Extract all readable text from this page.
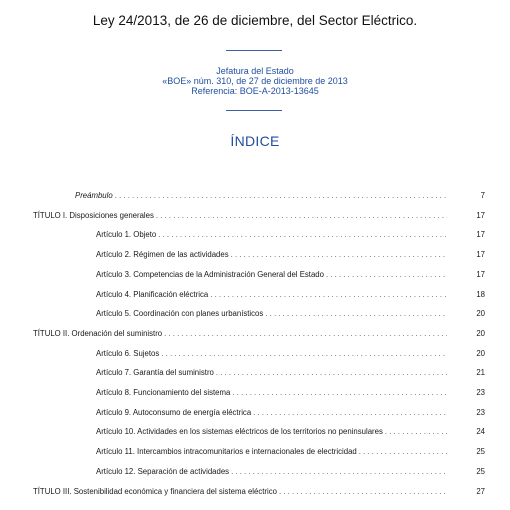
Ley 24/2013, de 26 de diciembre, del Sector Eléctrico.
Jefatura del Estado
«BOE» núm. 310, de 27 de diciembre de 2013
Referencia: BOE-A-2013-13645
ÍNDICE
Preámbulo . . .	7
TÍTULO I. Disposiciones generales . . .	17
Artículo 1. Objeto . . .	17
Artículo 2. Régimen de las actividades . . .	17
Artículo 3. Competencias de la Administración General del Estado . . .	17
Artículo 4. Planificación eléctrica . . .	18
Artículo 5. Coordinación con planes urbanísticos . . .	20
TÍTULO II. Ordenación del suministro . . .	20
Artículo 6. Sujetos . . .	20
Artículo 7. Garantía del suministro . . .	21
Artículo 8. Funcionamiento del sistema . . .	23
Artículo 9. Autoconsumo de energía eléctrica . . .	23
Artículo 10. Actividades en los sistemas eléctricos de los territorios no peninsulares . . .	24
Artículo 11. Intercambios intracomunitarios e internacionales de electricidad . . .	25
Artículo 12. Separación de actividades . . .	25
TÍTULO III. Sostenibilidad económica y financiera del sistema eléctrico . . .	27
